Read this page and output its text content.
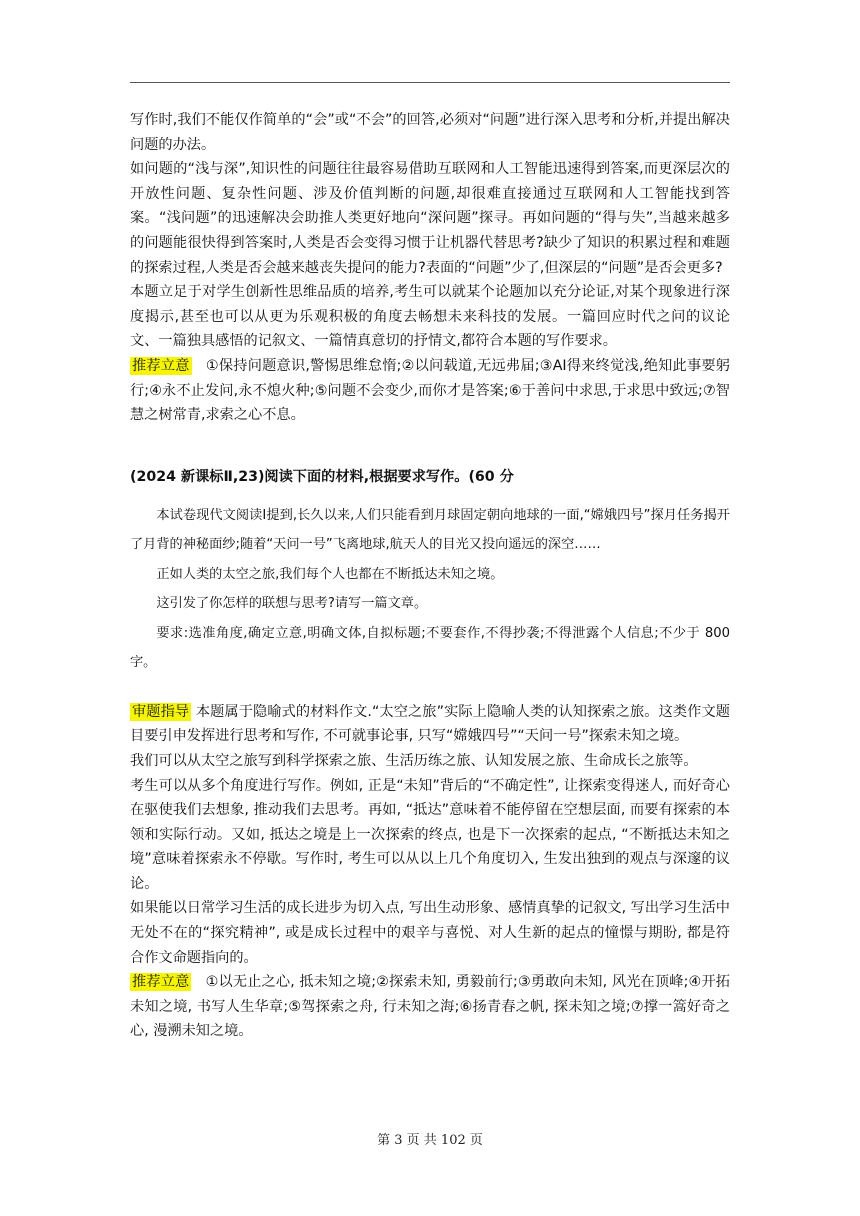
写作时,我们不能仅作简单的“会”或“不会”的回答,必须对“问题”进行深入思考和分析,并提出解决问题的办法。

如问题的“浅与深”,知识性的问题往往最容易借助互联网和人工智能迅速得到答案,而更深层次的开放性问题、复杂性问题、涉及价值判断的问题,却很难直接通过互联网和人工智能找到答案。“浅问题”的迅速解决会助推人类更好地向“深问题”探寻。再如问题的“得与失”,当越来越多的问题能很快得到答案时,人类是否会变得习惯于让机器代替思考?缺少了知识的积累过程和难题的探索过程,人类是否会越来越丧失提问的能力?表面的“问题”少了,但深层的“问题”是否会更多?

本题立足于对学生创新性思维品质的培养,考生可以就某个论题加以充分论证,对某个现象进行深度揭示,甚至也可以从更为乐观积极的角度去畅想未来科技的发展。一篇回应时代之问的议论文、一篇独具感悟的记叙文、一篇情真意切的抒情文,都符合本题的写作要求。

推荐立意 ①保持问题意识,警惕思维怠惰;②以问载道,无远弗届;③AI得来终觉浅,绝知此事要躬行;④永不止发问,永不熄火种;⑤问题不会变少,而你才是答案;⑥于善问中求思,于求思中致远;⑦智慧之树常青,求索之心不息。

(2024 新课标Ⅱ,23)阅读下面的材料,根据要求写作。(60 分

本试卷现代文阅读Ⅰ提到,长久以来,人们只能看到月球固定朝向地球的一面,“嫦娥四号”探月任务揭开了月背的神秘面纱;随着“天问一号”飞离地球,航天人的目光又投向遥远的深空……

正如人类的太空之旅,我们每个人也都在不断抵达未知之境。

这引发了你怎样的联想与思考?请写一篇文章。

要求:选准角度,确定立意,明确文体,自拟标题;不要套作,不得抄袭;不得泄露个人信息;不少于 800 字。

审题指导 本题属于隐喻式的材料作文.“太空之旅”实际上隐喻人类的认知探索之旅。这类作文题目要引申发挥进行思考和写作, 不可就事论事, 只写“嫦娥四号”“天问一号”探索未知之境。

我们可以从太空之旅写到科学探索之旅、生活历练之旅、认知发展之旅、生命成长之旅等。

考生可以从多个角度进行写作。例如, 正是“未知”背后的“不确定性”, 让探索变得迷人, 而好奇心在驱使我们去想象, 推动我们去思考。再如, “抵达”意味着不能停留在空想层面, 而要有探索的本领和实际行动。又如, 抵达之境是上一次探索的终点, 也是下一次探索的起点, “不断抵达未知之境”意味着探索永不停歇。写作时, 考生可以从以上几个角度切入, 生发出独到的观点与深邃的议论。

如果能以日常学习生活的成长进步为切入点, 写出生动形象、感情真挚的记叙文, 写出学习生活中无处不在的“探究精神”, 或是成长过程中的艰辛与喜悦、对人生新的起点的憧憬与期盼, 都是符合作文命题指向的。

推荐立意 ①以无止之心, 抵未知之境;②探索未知, 勇毅前行;③勇敢向未知, 风光在顶峰;④开拓未知之境, 书写人生华章;⑤驾探索之舟, 行未知之海;⑥扬青春之帆, 探未知之境;⑦撑一篙好奇之心, 漫溯未知之境。

第 3 页 共 102 页
